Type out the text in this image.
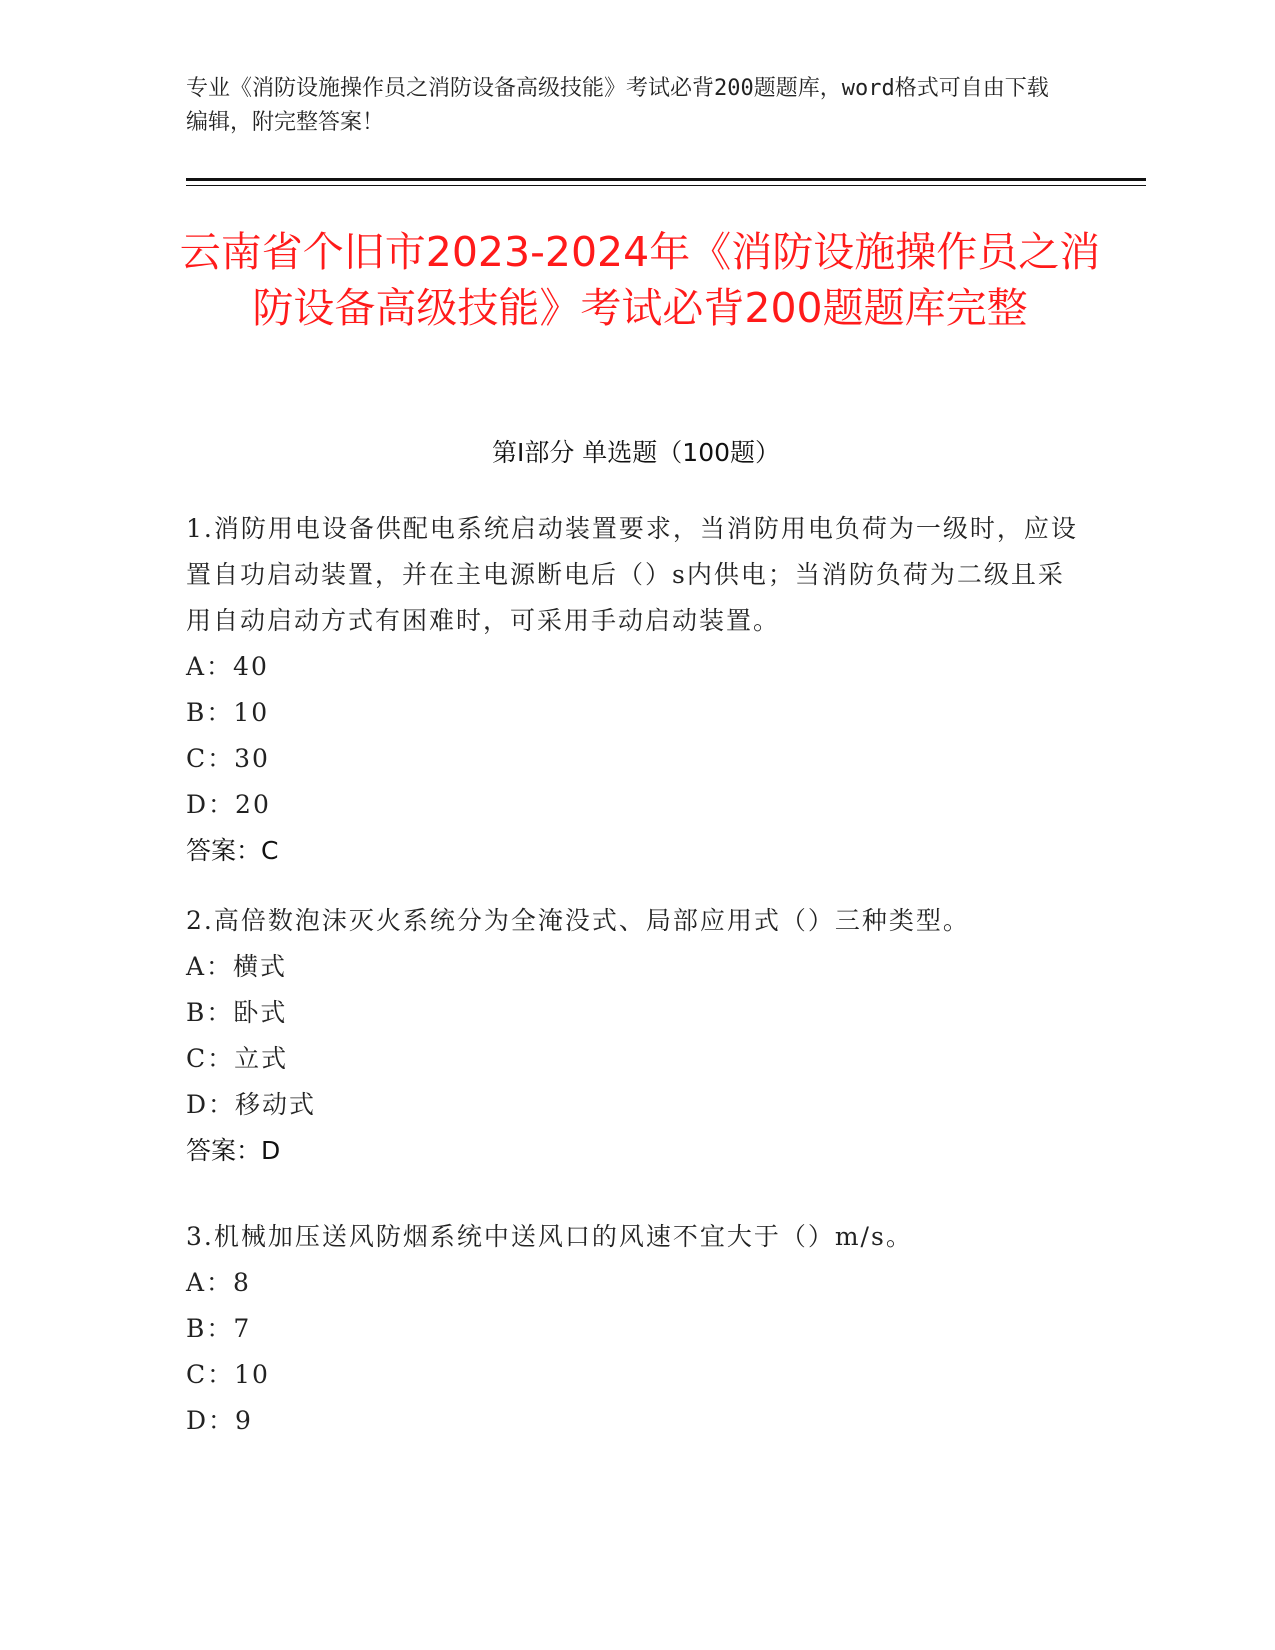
专业《消防设施操作员之消防设备高级技能》考试必背200题题库，word格式可自由下载编辑，附完整答案！
云南省个旧市2023-2024年《消防设施操作员之消防设备高级技能》考试必背200题题库完整
第Ⅰ部分 单选题（100题）
1.消防用电设备供配电系统启动装置要求，当消防用电负荷为一级时，应设置自功启动装置，并在主电源断电后（）s内供电；当消防负荷为二级且采用自动启动方式有困难时，可采用手动启动装置。
A：40
B：10
C：30
D：20
答案：C
2.高倍数泡沫灭火系统分为全淹没式、局部应用式（）三种类型。
A：横式
B：卧式
C：立式
D：移动式
答案：D
3.机械加压送风防烟系统中送风口的风速不宜大于（）m/s。
A：8
B：7
C：10
D：9
